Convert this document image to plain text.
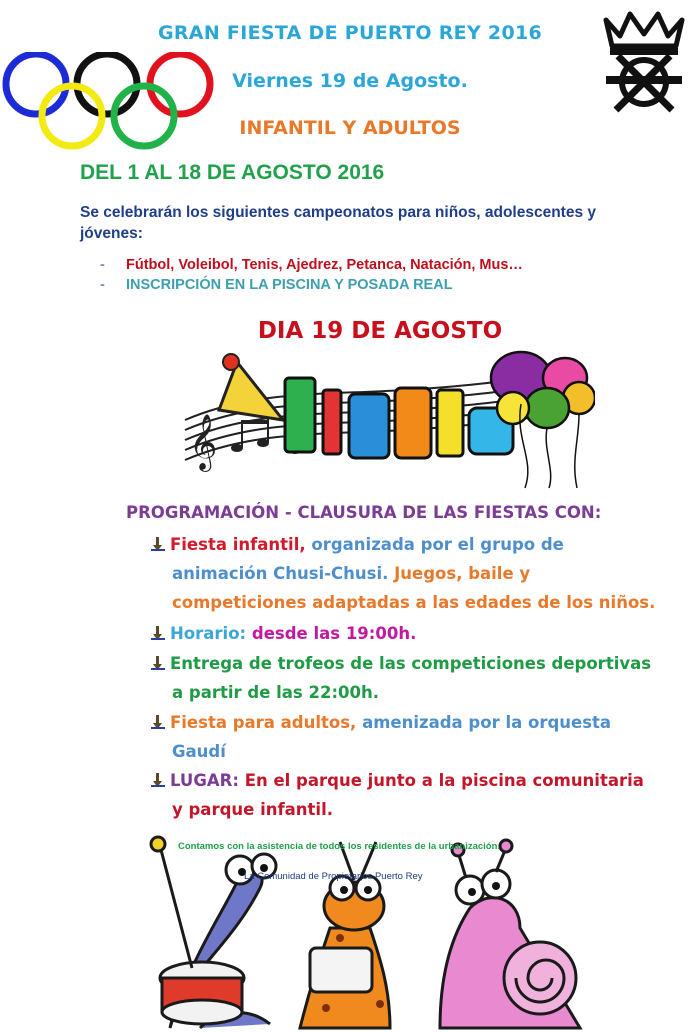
GRAN FIESTA DE PUERTO REY 2016
Viernes 19 de Agosto.
INFANTIL Y ADULTOS
DEL 1 AL 18 DE AGOSTO 2016
Se celebrarán los siguientes campeonatos para niños, adolescentes y jóvenes:
- Fútbol, Voleibol, Tenis, Ajedrez, Petanca, Natación, Mus…
- INSCRIPCIÓN EN LA PISCINA Y POSADA REAL
DIA 19 DE AGOSTO
𝄞
PROGRAMACIÓN - CLAUSURA DE LAS FIESTAS CON:
Fiesta infantil, organizada por el grupo de
animación Chusi-Chusi. Juegos, baile y
competiciones adaptadas a las edades de los niños.
Horario: desde las 19:00h.
Entrega de trofeos de las competiciones deportivas
a partir de las 22:00h.
Fiesta para adultos, amenizada por la orquesta
Gaudí
LUGAR: En el parque junto a la piscina comunitaria
y parque infantil.
Contamos con la asistencia de todos los residentes de la urbanización.
La Comunidad de Propietarios Puerto Rey
